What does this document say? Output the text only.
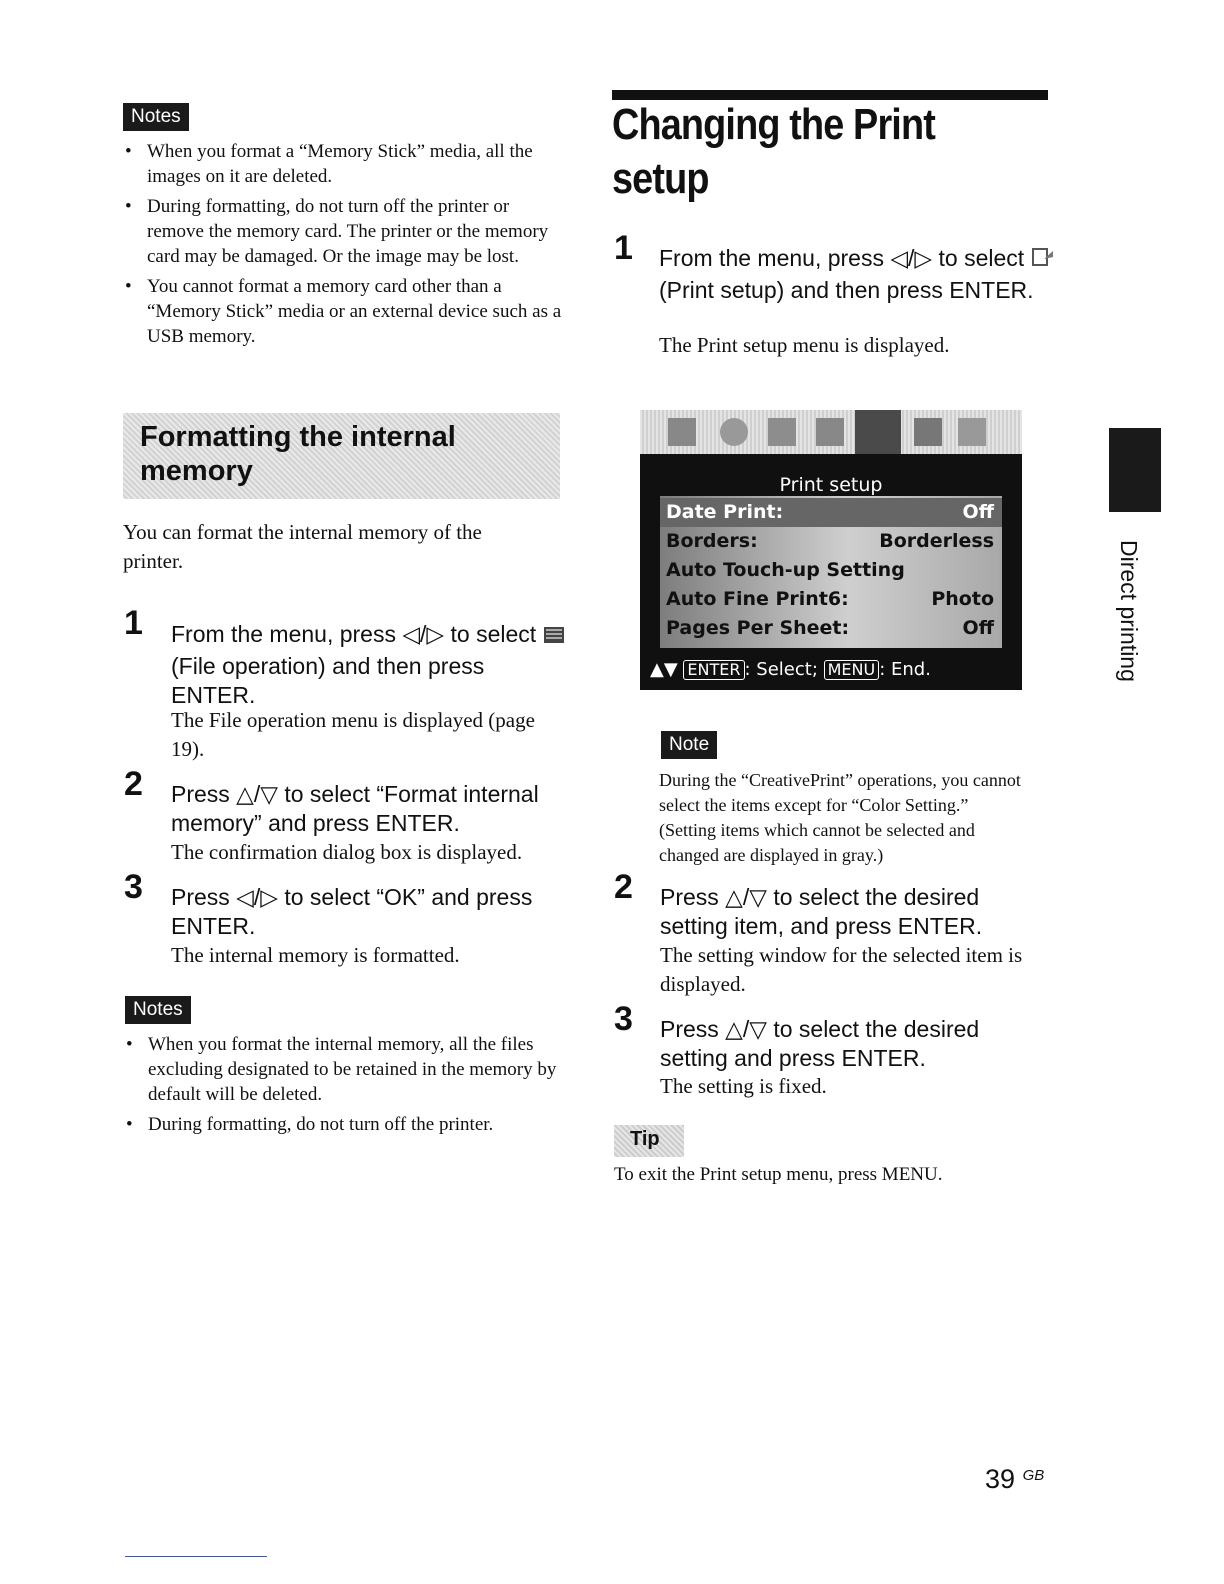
Notes
• When you format a “Memory Stick” media, all the images on it are deleted.
• During formatting, do not turn off the printer or remove the memory card. The printer or the memory card may be damaged. Or the image may be lost.
• You cannot format a memory card other than a “Memory Stick” media or an external device such as a USB memory.
Formatting the internal
memory
You can format the internal memory of the printer.
1 From the menu, press ◁/▷ to select (File operation) and then press ENTER.
The File operation menu is displayed (page 19).
2 Press △/▽ to select “Format internal memory” and press ENTER.
The confirmation dialog box is displayed.
3 Press ◁/▷ to select “OK” and press ENTER.
The internal memory is formatted.
Notes
• When you format the internal memory, all the files excluding designated to be retained in the memory by default will be deleted.
• During formatting, do not turn off the printer.
Changing the Print
setup
1 From the menu, press ◁/▷ to select (Print setup) and then press ENTER.
The Print setup menu is displayed.
Print setup
Date Print:	Off
Borders:	Borderless
Auto Touch-up Setting
Auto Fine Print6:	Photo
Pages Per Sheet:	Off
▲▼ ENTER : Select; MENU : End.
Note
During the “CreativePrint” operations, you cannot select the items except for “Color Setting.” (Setting items which cannot be selected and changed are displayed in gray.)
2 Press △/▽ to select the desired setting item, and press ENTER.
The setting window for the selected item is displayed.
3 Press △/▽ to select the desired setting and press ENTER.
The setting is fixed.
Tip
To exit the Print setup menu, press MENU.
Direct printing
39 $^{GB}$
